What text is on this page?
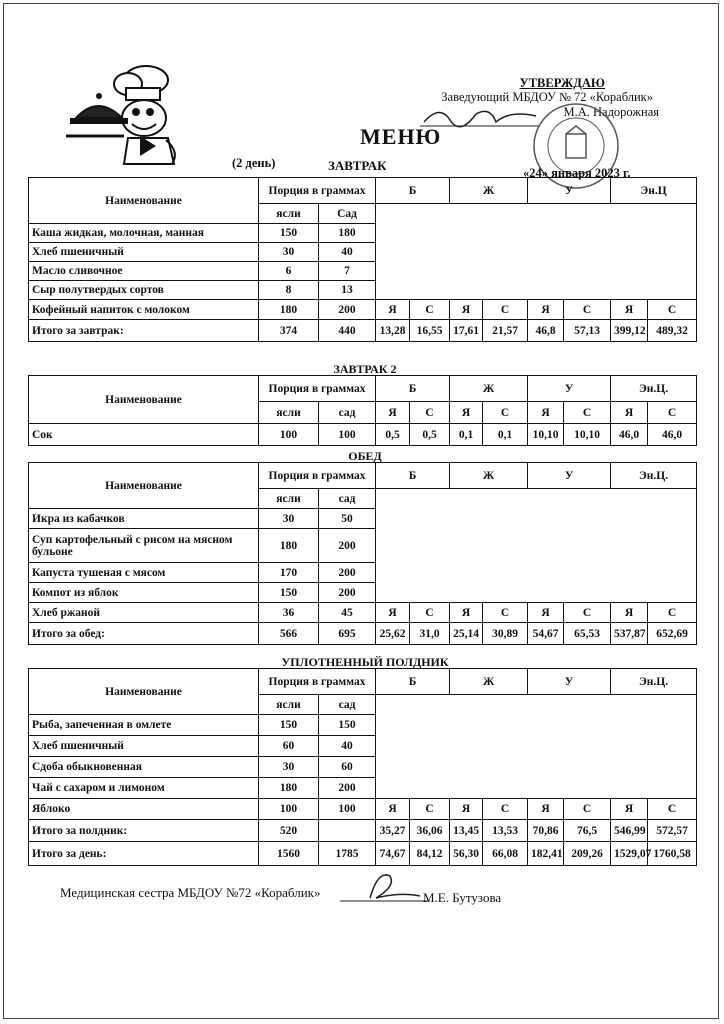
УТВЕРЖДАЮ
Заведующий МБДОУ № 72 «Кораблик»
М.А. Надорожная
МЕНЮ
(2 день)	ЗАВТРАК	«24» января 2023 г.
Наименование	Порция в граммах		Б		Ж		У		Эн.Ц	
	ясли	Сад								
Каша жидкая, молочная, манная	150	180								
Хлеб пшеничный	30	40								
Масло сливочное	6	7								
Сыр полутвердых сортов	8	13								
Кофейный напиток с молоком	180	200	Я	С	Я	С	Я	С	Я	С
Итого за завтрак:	374	440	13,28	16,55	17,61	21,57	46,8	57,13	399,12	489,32
ЗАВТРАК 2
Наименование	Порция в граммах		Б		Ж		У		Эн.Ц.	
	ясли	сад	Я	С	Я	С	Я	С	Я	С
Сок	100	100	0,5	0,5	0,1	0,1	10,10	10,10	46,0	46,0
ОБЕД
Наименование	Порция в граммах		Б		Ж		У		Эн.Ц.	
	ясли	сад								
Икра из кабачков	30	50								
Суп картофельный с рисом на мясном бульоне	180	200								
Капуста тушеная с мясом	170	200								
Компот из яблок	150	200								
Хлеб ржаной	36	45	Я	С	Я	С	Я	С	Я	С
Итого за обед:	566	695	25,62	31,0	25,14	30,89	54,67	65,53	537,87	652,69
УПЛОТНЕННЫЙ ПОЛДНИК
Наименование	Порция в граммах		Б		Ж		У		Эн.Ц.	
	ясли	сад								
Рыба, запеченная в омлете	150	150								
Хлеб пшеничный	60	40								
Сдоба обыкновенная	30	60								
Чай с сахаром и лимоном	180	200								
Яблоко	100	100	Я	С	Я	С	Я	С	Я	С
Итого за полдник:	520		35,27	36,06	13,45	13,53	70,86	76,5	546,99	572,57
Итого за день:	1560	1785	74,67	84,12	56,30	66,08	182,41	209,26	1529,07	1760,58
Медицинская сестра МБДОУ №72 «Кораблик»	М.Е. Бутузова
